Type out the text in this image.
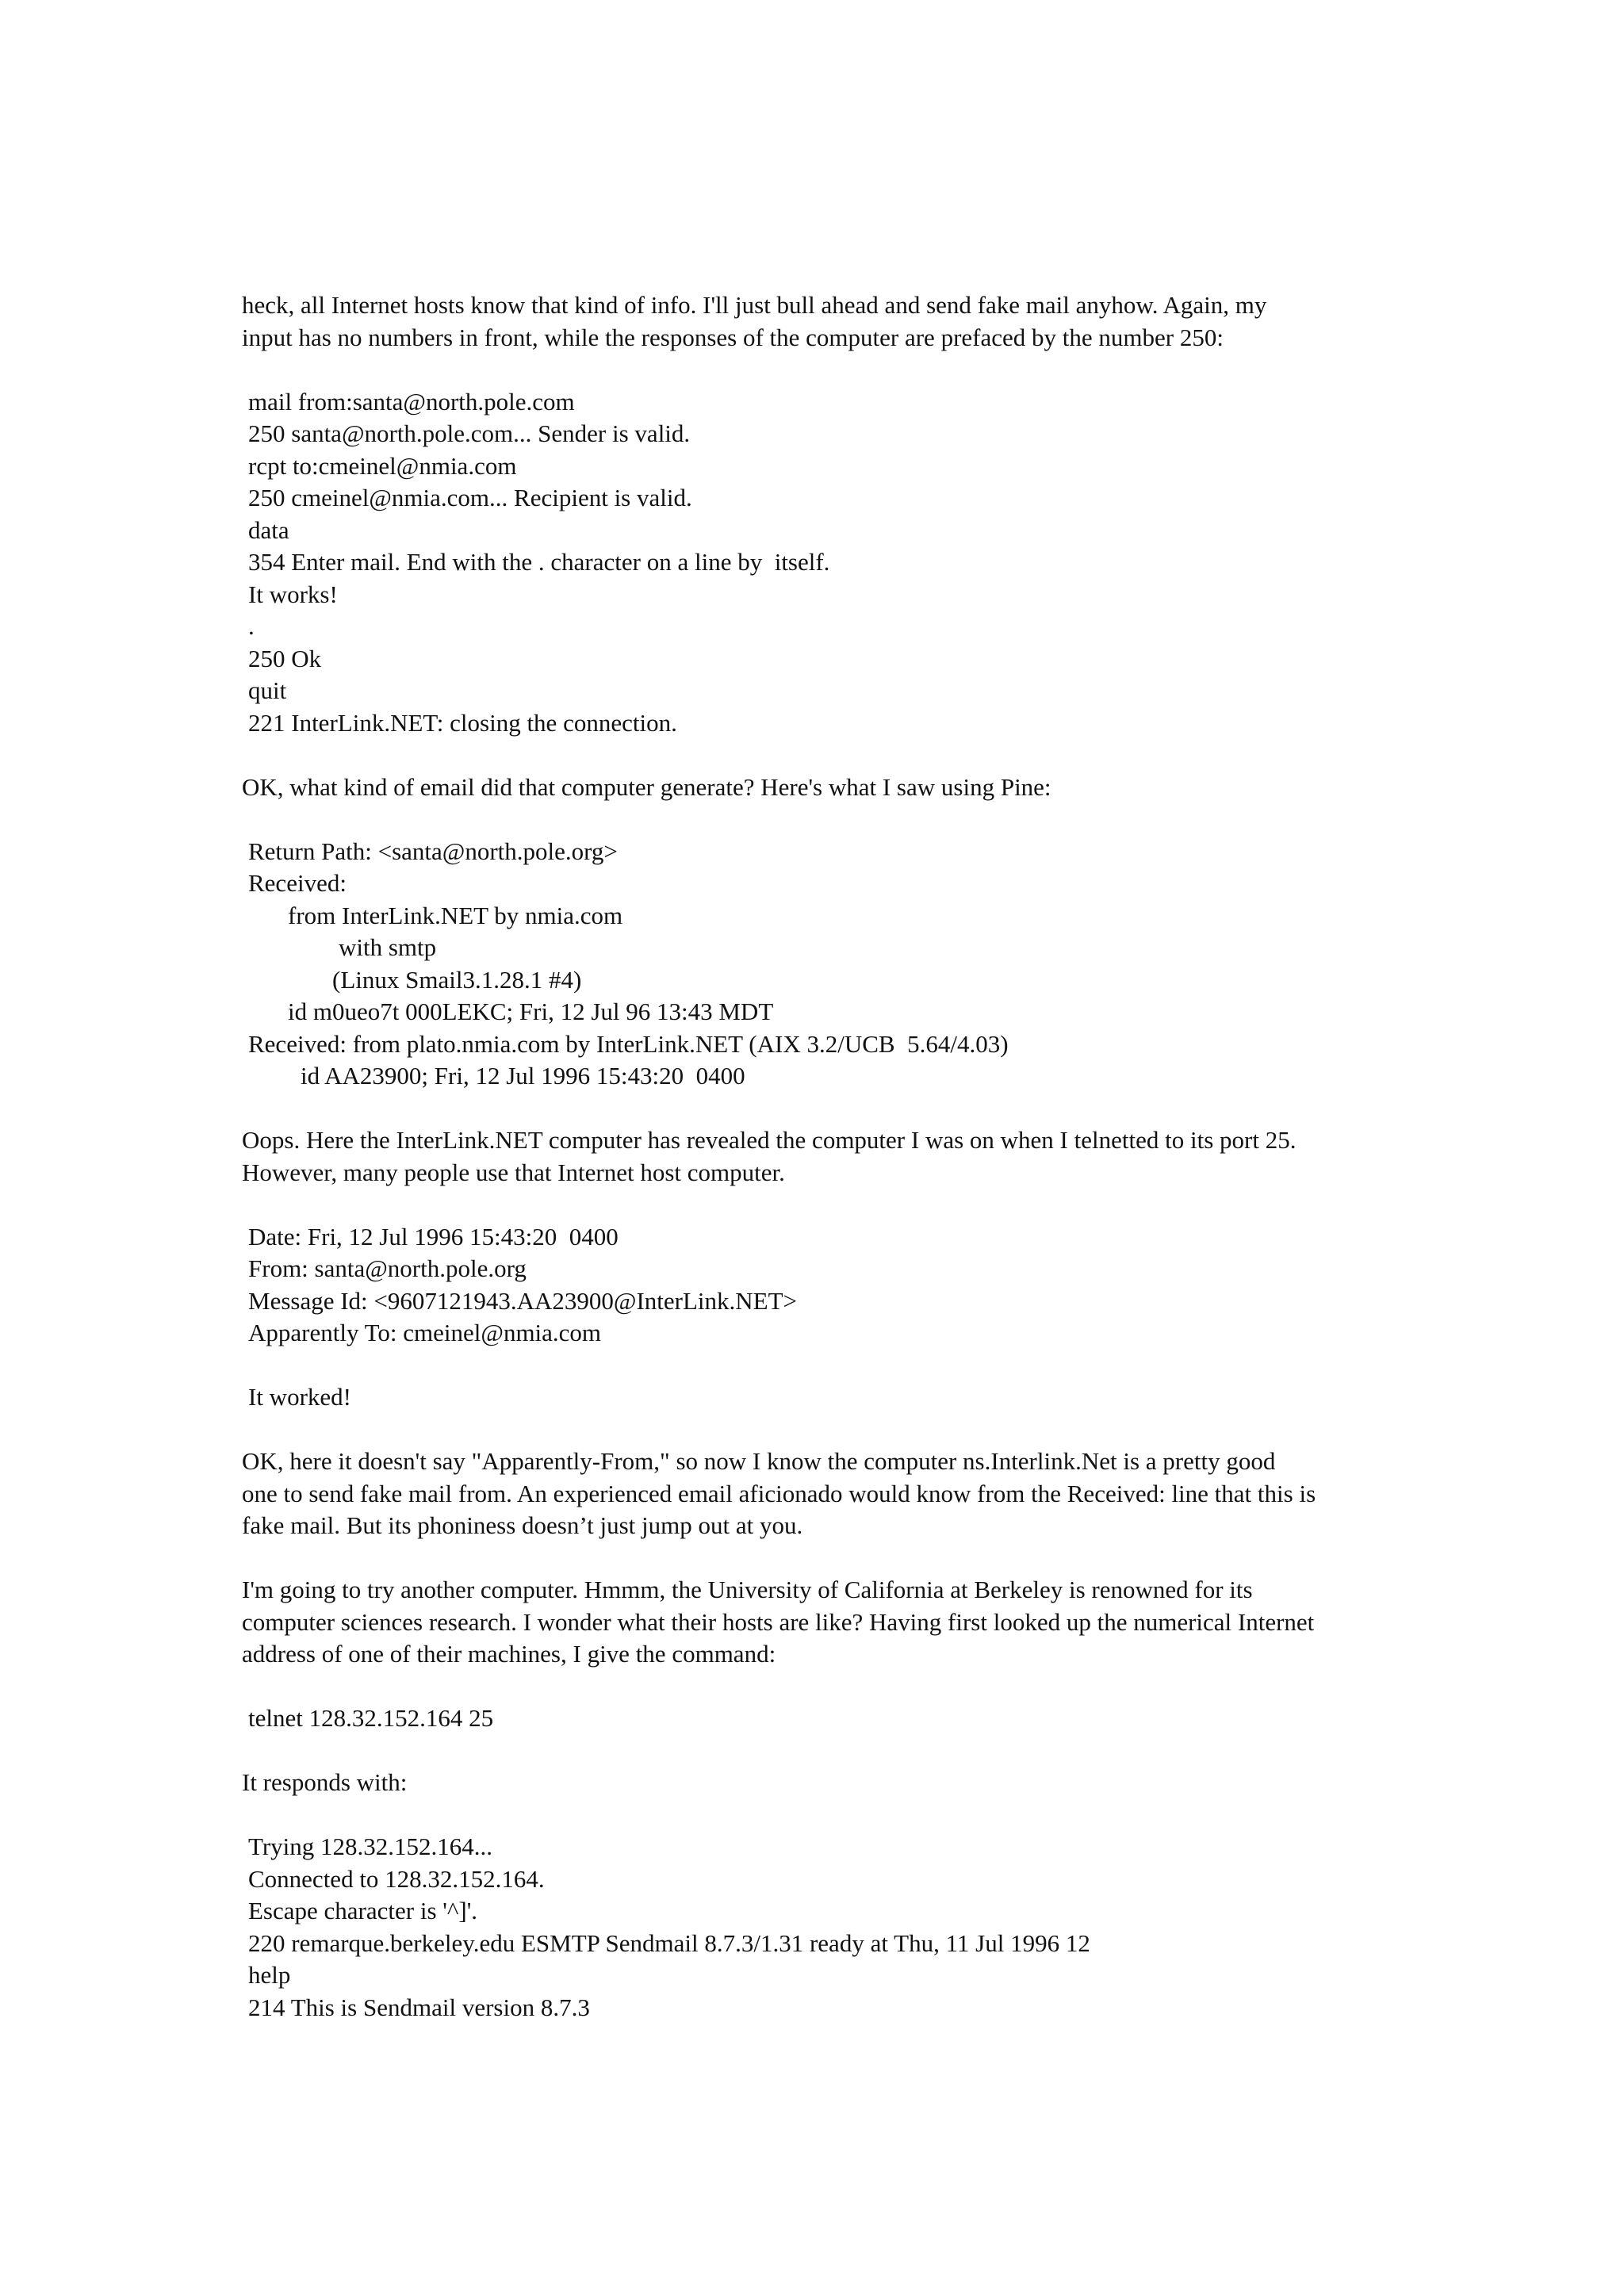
heck, all Internet hosts know that kind of info. I'll just bull ahead and send fake mail anyhow. Again, my
input has no numbers in front, while the responses of the computer are prefaced by the number 250:

mail from:santa@north.pole.com
250 santa@north.pole.com... Sender is valid.
rcpt to:cmeinel@nmia.com
250 cmeinel@nmia.com... Recipient is valid.
data
354 Enter mail. End with the . character on a line by  itself.
It works!
.
250 Ok
quit
221 InterLink.NET: closing the connection.

OK, what kind of email did that computer generate? Here's what I saw using Pine:

Return Path: <santa@north.pole.org>
Received:
from InterLink.NET by nmia.com
with smtp
(Linux Smail3.1.28.1 #4)
id m0ueo7t 000LEKC; Fri, 12 Jul 96 13:43 MDT
Received: from plato.nmia.com by InterLink.NET (AIX 3.2/UCB  5.64/4.03)
id AA23900; Fri, 12 Jul 1996 15:43:20  0400

Oops. Here the InterLink.NET computer has revealed the computer I was on when I telnetted to its port 25.
However, many people use that Internet host computer.

Date: Fri, 12 Jul 1996 15:43:20  0400
From: santa@north.pole.org
Message Id: <9607121943.AA23900@InterLink.NET>
Apparently To: cmeinel@nmia.com
It worked!

OK, here it doesn't say "Apparently-From," so now I know the computer ns.Interlink.Net is a pretty good
one to send fake mail from. An experienced email aficionado would know from the Received: line that this is
fake mail. But its phoniness doesn’t just jump out at you.

I'm going to try another computer. Hmmm, the University of California at Berkeley is renowned for its
computer sciences research. I wonder what their hosts are like? Having first looked up the numerical Internet
address of one of their machines, I give the command:

telnet 128.32.152.164 25

It responds with:

Trying 128.32.152.164...
Connected to 128.32.152.164.
Escape character is '^]'.
220 remarque.berkeley.edu ESMTP Sendmail 8.7.3/1.31 ready at Thu, 11 Jul 1996 12
help
214 This is Sendmail version 8.7.3
